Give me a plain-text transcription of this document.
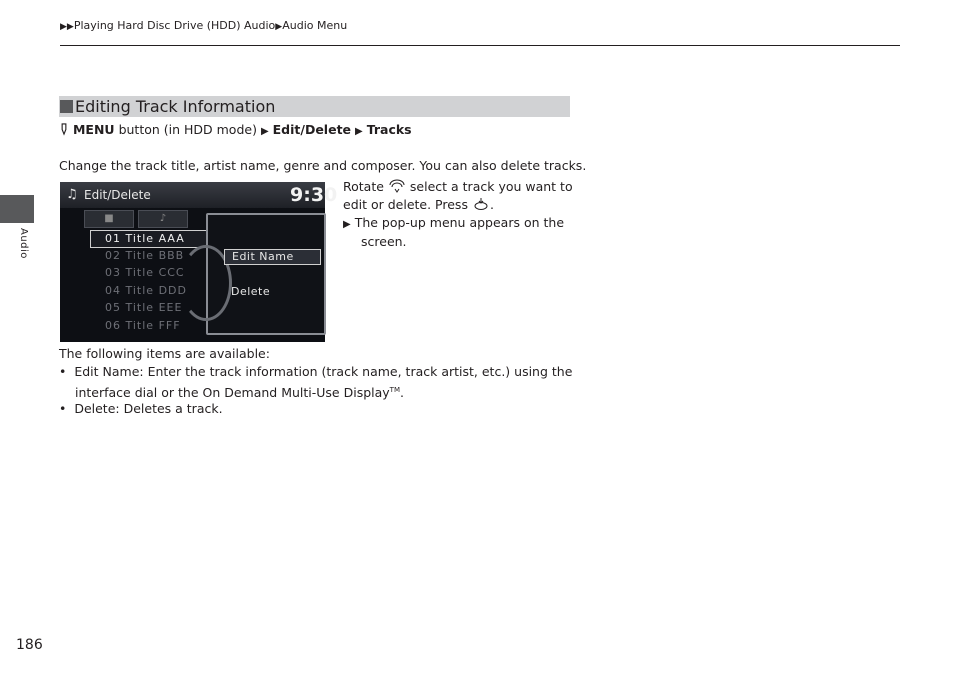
▶▶Playing Hard Disc Drive (HDD) Audio▶Audio Menu
Audio
Editing Track Information
MENU button (in HDD mode) ▶ Edit/Delete ▶ Tracks
Change the track title, artist name, genre and composer. You can also delete tracks.
♫ Edit/Delete	9:30
■	♪
01 Title AAA
02 Title BBB
03 Title CCC
04 Title DDD
05 Title EEE
06 Title FFF
Edit Name
Delete
Rotate select a track you want to
edit or delete. Press .
▶ The pop-up menu appears on the
screen.
The following items are available:
• Edit Name: Enter the track information (track name, track artist, etc.) using the
interface dial or the On Demand Multi-Use Display™.
• Delete: Deletes a track.
186
